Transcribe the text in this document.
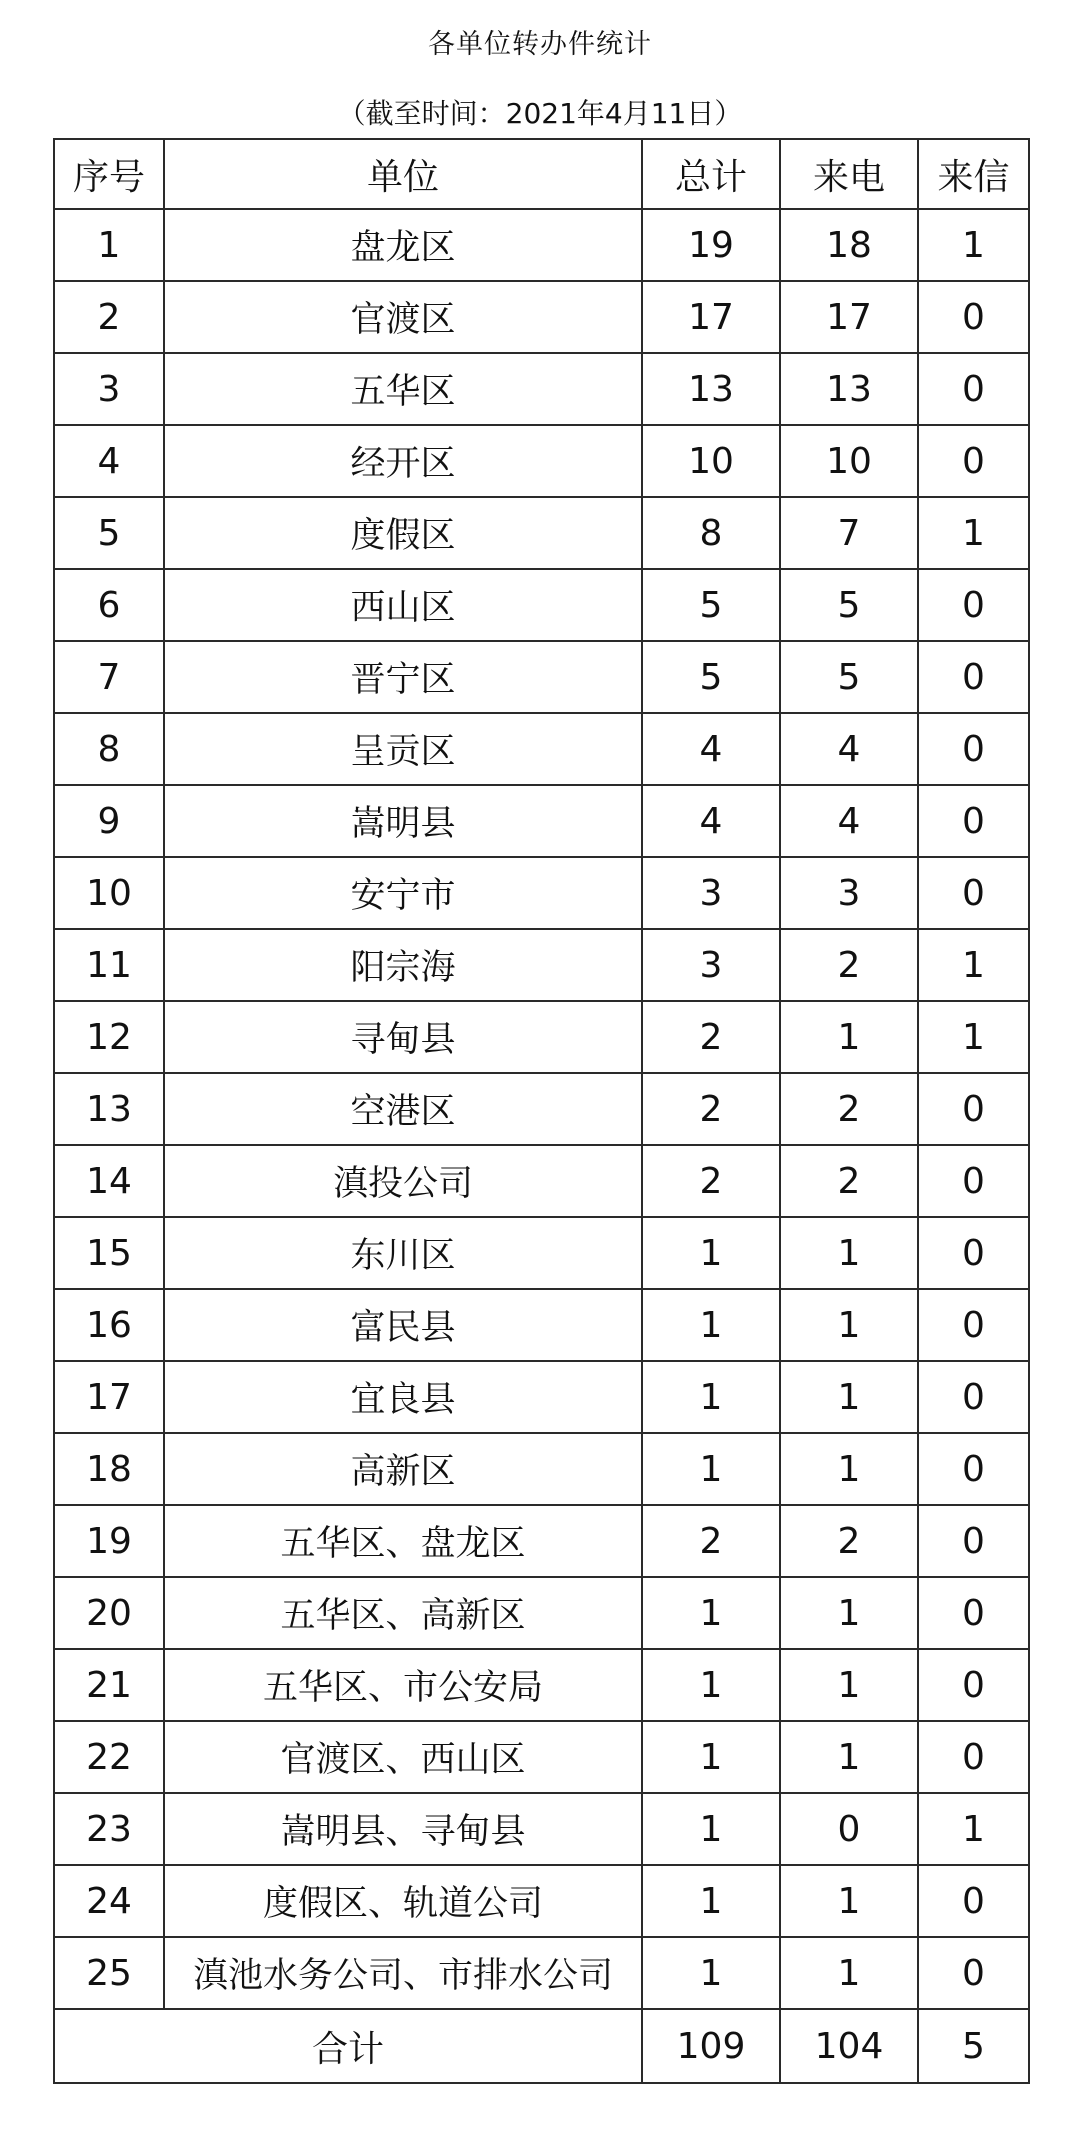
各单位转办件统计
（截至时间：2021年4月11日）
序号	单位	总计	来电	来信
1	盘龙区	19	18	1
2	官渡区	17	17	0
3	五华区	13	13	0
4	经开区	10	10	0
5	度假区	8	7	1
6	西山区	5	5	0
7	晋宁区	5	5	0
8	呈贡区	4	4	0
9	嵩明县	4	4	0
10	安宁市	3	3	0
11	阳宗海	3	2	1
12	寻甸县	2	1	1
13	空港区	2	2	0
14	滇投公司	2	2	0
15	东川区	1	1	0
16	富民县	1	1	0
17	宜良县	1	1	0
18	高新区	1	1	0
19	五华区、盘龙区	2	2	0
20	五华区、高新区	1	1	0
21	五华区、市公安局	1	1	0
22	官渡区、西山区	1	1	0
23	嵩明县、寻甸县	1	0	1
24	度假区、轨道公司	1	1	0
25	滇池水务公司、市排水公司	1	1	0
合计		109	104	5
